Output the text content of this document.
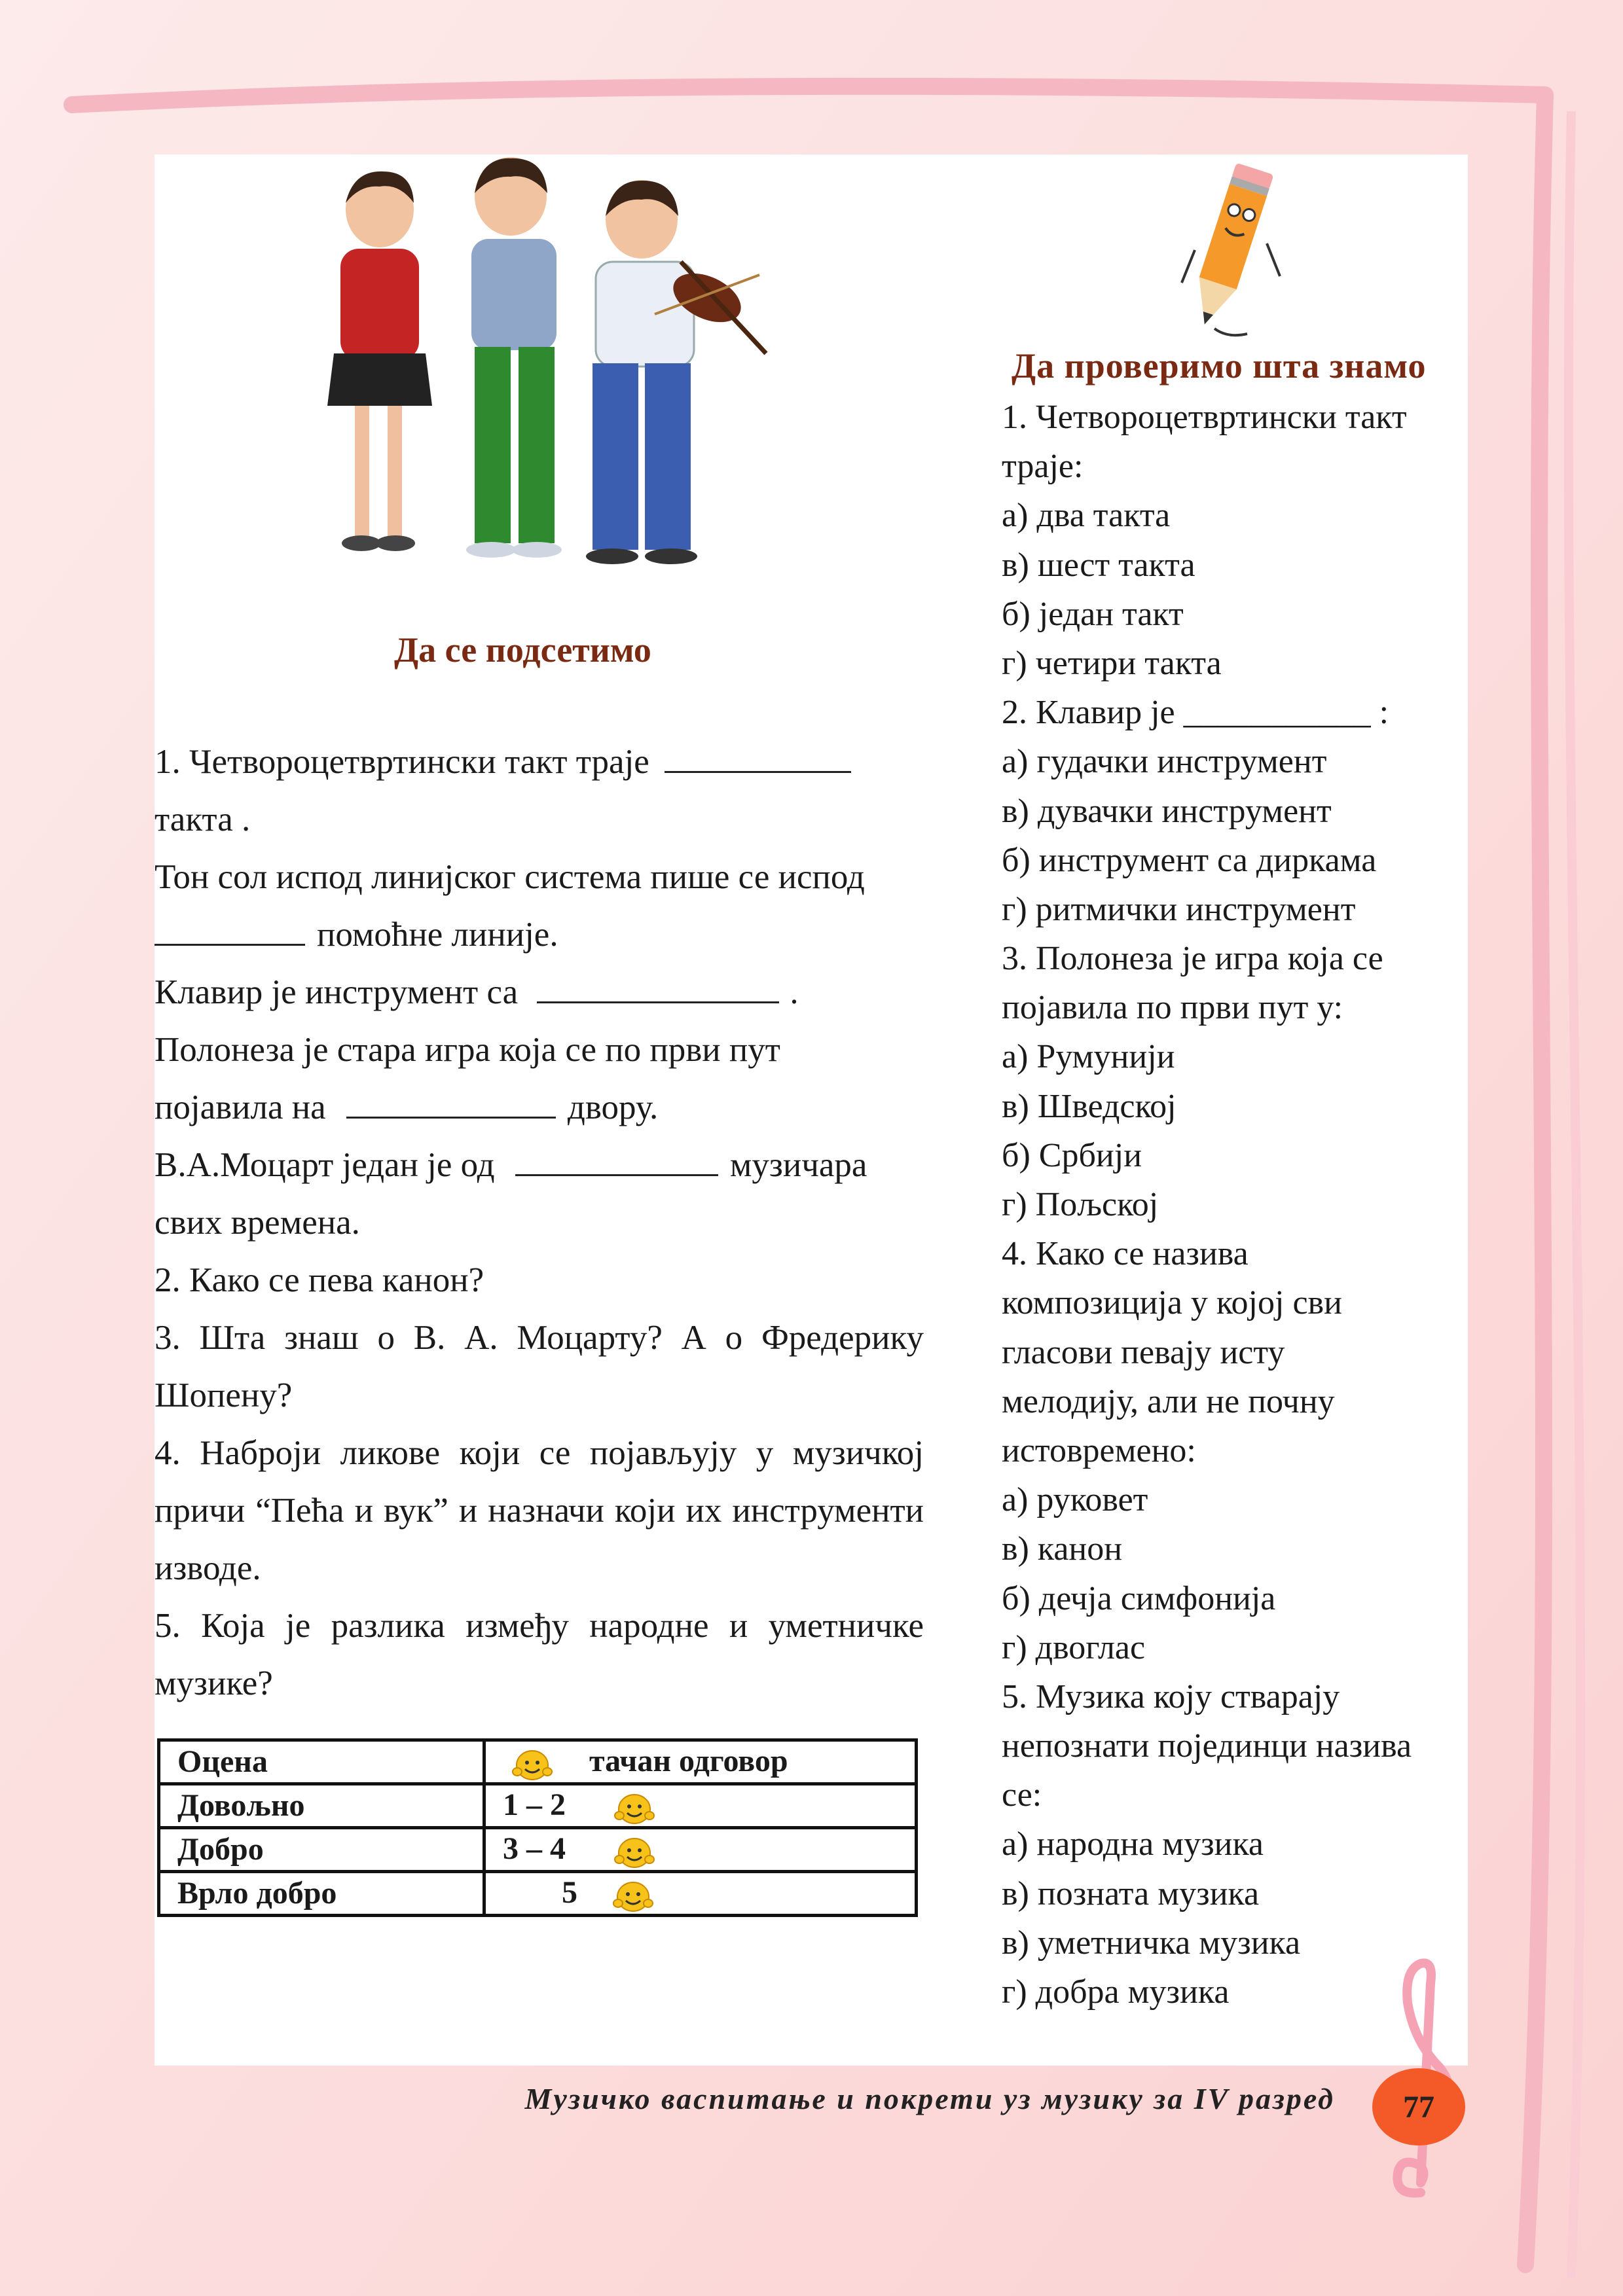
Да се подсетимо
Да проверимо шта знамо

1. Четвороцетвртински такт траје

такта .

Тон сол испод линијског система пише се испод

помоћне линије.

Клавир је инструмент са	.

Полонеза је стара игра која се по први пут

појавила на	двору.

В.А.Моцарт један је од	музичара

свих времена.

2. Како се пева канон?

3. Шта знаш о В. А. Моцарту? А о Фредерику Шопену?

4. Наброји ликове који се појављују у музичкој причи “Пећа и вук” и назначи који их инструменти изводе.

5. Која је разлика између народне и уметничке музике?

Оцена	тачан одговор
Довољно	1 – 2
Добро	3 – 4
Врло добро	5
1. Четвороцетвртински такт
траје:
а) два такта
в) шест такта
б) један такт
г) четири такта
2. Клавир је ___________ :
а) гудачки инструмент
в) дувачки инструмент
б) инструмент са диркама
г) ритмички инструмент
3. Полонеза је игра која се
појавила по први пут у:
а) Румунији
в) Шведској
б) Србији
г) Пољској
4. Како се назива
композиција у којој сви
гласови певају исту
мелодију, али не почну
истовремено:
а) руковет
в) канон
б) дечја симфонија
г) двоглас
5. Музика коју стварају
непознати појединци назива
се:
а) народна музика
в) позната музика
в) уметничка музика
г) добра музика
Музичко васпитање и покрети уз музику за IV разред 77
